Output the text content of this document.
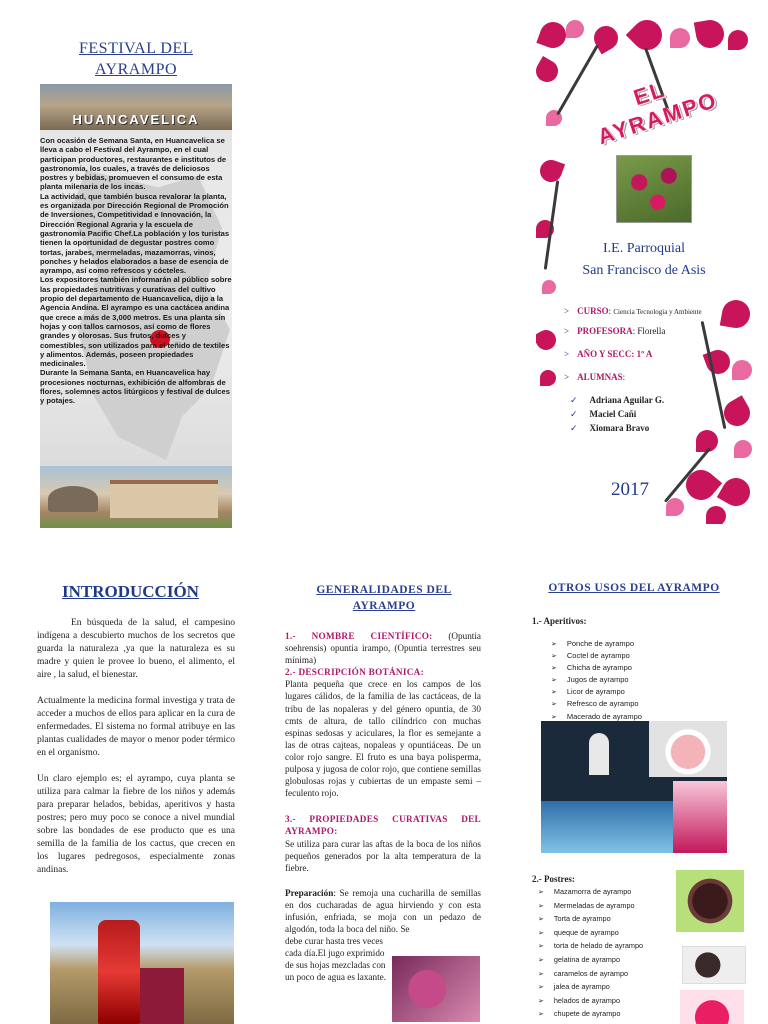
FESTIVAL DEL AYRAMPO
HUANCAVELICA

Con ocasión de Semana Santa, en Huancavelica se lleva a cabo el Festival del Ayrampo, en el cual participan productores, restaurantes e institutos de gastronomía, los cuales, a través de deliciosos postres y bebidas, promueven el consumo de esta planta milenaria de los incas.

La actividad, que también busca revalorar la planta, es organizada por Dirección Regional de Promoción de Inversiones, Competitividad e Innovación, la Dirección Regional Agraria y la escuela de gastronomía Pacific Chef.La población y los turistas tienen la oportunidad de degustar postres como tortas, jarabes, mermeladas, mazamorras, vinos, ponches y helados elaborados a base de esencia de ayrampo, así como refrescos y cócteles.

Los expositores también informarán al público sobre las propiedades nutritivas y curativas del cultivo propio del departamento de Huancavelica, dijo a la Agencia Andina. El ayrampo es una cactácea andina que crece a más de 3,000 metros. Es una planta sin hojas y con tallos carnosos, así como de flores grandes y olorosas. Sus frutos, dulces y comestibles, son utilizados para el teñido de textiles y alimentos. Además, poseen propiedades medicinales.

Durante la Semana Santa, en Huancavelica hay procesiones nocturnas, exhibición de alfombras de flores, solemnes actos litúrgicos y festival de dulces y potajes.

EL AYRAMPO
I.E. Parroquial
San Francisco de Asis
> CURSO: Ciencia Tecnologia y Ambiente
> PROFESORA: Florella
> AÑO Y SECC: 1º A
> ALUMNAS:
✓ Adriana Aguilar G.
✓ Maciel Cañi
✓ Xiomara Bravo
2017
INTRODUCCIÓN

En búsqueda de la salud, el campesino indígena a descubierto muchos de los secretos que guarda la naturaleza ,ya que la naturaleza es su madre y quien le provee lo bueno, el alimento, el aire , la salud, el bienestar.

Actualmente la medicina formal investiga y trata de acceder a muchos de ellos para aplicar en la cura de enfermedades. El sistema no formal atribuye en las plantas cualidades de mayor o menor poder térmico en el organismo.

Un claro ejemplo es; el ayrampo, cuya planta se utiliza para calmar la fiebre de los niños y además para preparar helados, bebidas, aperitivos y hasta postres; pero muy poco se conoce a nivel mundial sobre las bondades de ese producto que es una semilla de la familia de los cactus, que crecen en los lugares pedregosos, especialmente zonas andinas.

GENERALIDADES DEL AYRAMPO

1.- NOMBRE CIENTÍFICO: (Opuntia soehrensis) opuntia irampo, (Opuntia terrestres seu mínima)

2.- DESCRIPCIÓN BOTÁNICA:

Planta pequeña que crece en los campos de los lugares cálidos, de la familia de las cactáceas, de la tribu de las nopaleras y del género opuntia, de 30 cmts de altura, de tallo cilíndrico con muchas espinas sedosas y aciculares, la flor es semejante a las de otras cajteas, nopaleas y opuntiáceas. De un color rojo sangre. El fruto es una baya polisperma, pulposa y jugosa de color rojo, que contiene semillas globulosas rojas y cubiertas de un empaste semi – feculento rojo.

3.- PROPIEDADES CURATIVAS DEL AYRAMPO:

Se utiliza para curar las aftas de la boca de los niños pequeños generados por la alta temperatura de la fiebre.

Preparación: Se remoja una cucharilla de semillas en dos cucharadas de agua hirviendo y con esta infusión, enfriada, se moja con un pedazo de algodón, toda la boca del niño. Se

debe curar hasta tres veces cada día.El jugo exprimido de sus hojas mezcladas con un poco de agua es laxante.

OTROS USOS DEL AYRAMPO
1.- Aperitivos:
➢ Ponche de ayrampo
➢ Coctel de ayrampo
➢ Chicha de ayrampo
➢ Jugos de ayrampo
➢ Licor de ayrampo
➢ Refresco de ayrampo
➢ Macerado de ayrampo
2.- Postres:
➢ Mazamorra de ayrampo
➢ Mermeladas de ayrampo
➢ Torta de ayrampo
➢ queque de ayrampo
➢ torta de helado de ayrampo
➢ gelatina de ayrampo
➢ caramelos de ayrampo
➢ jalea de ayrampo
➢ helados de ayrampo
➢ chupete de ayrampo
